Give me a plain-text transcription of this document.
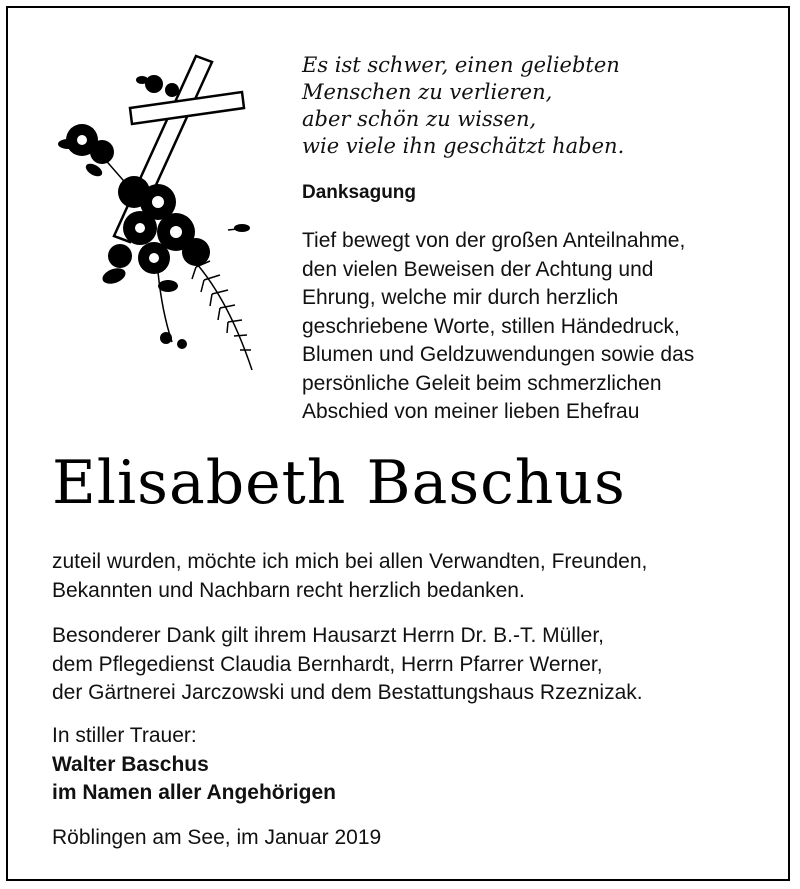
Es ist schwer, einen geliebten
Menschen zu verlieren,
aber schön zu wissen,
wie viele ihn geschätzt haben.
Danksagung
Tief bewegt von der großen Anteilnahme,
den vielen Beweisen der Achtung und
Ehrung, welche mir durch herzlich
geschriebene Worte, stillen Händedruck,
Blumen und Geldzuwendungen sowie das
persönliche Geleit beim schmerzlichen
Abschied von meiner lieben Ehefrau
Elisabeth Baschus
zuteil wurden, möchte ich mich bei allen Verwandten, Freunden,
Bekannten und Nachbarn recht herzlich bedanken.
Besonderer Dank gilt ihrem Hausarzt Herrn Dr. B.-T. Müller,
dem Pflegedienst Claudia Bernhardt, Herrn Pfarrer Werner,
der Gärtnerei Jarczowski und dem Bestattungshaus Rzeznizak.
In stiller Trauer:
Walter Baschus
im Namen aller Angehörigen
Röblingen am See, im Januar 2019
